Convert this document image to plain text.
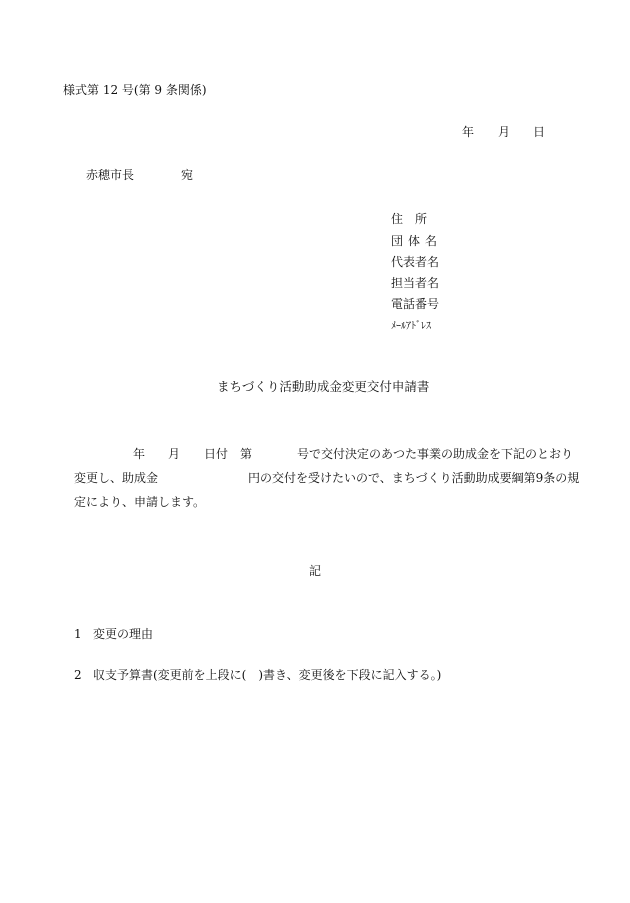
様式第 12 号(第 9 条関係)
年 月 日
赤穂市長	宛
住　所
団体名
代表者名
担当者名
電話番号
ﾒｰﾙｱﾄﾞﾚｽ
まちづくり活動助成金変更交付申請書
年 月 日付　第	号で交付決定のあつた事業の助成金を下記のとおり
変更し、助成金	円の交付を受けたいので、まちづくり活動助成要綱第9条の規
定により、申請します。
記
1 変更の理由
2 収支予算書(変更前を上段に(　)書き、変更後を下段に記入する。)
